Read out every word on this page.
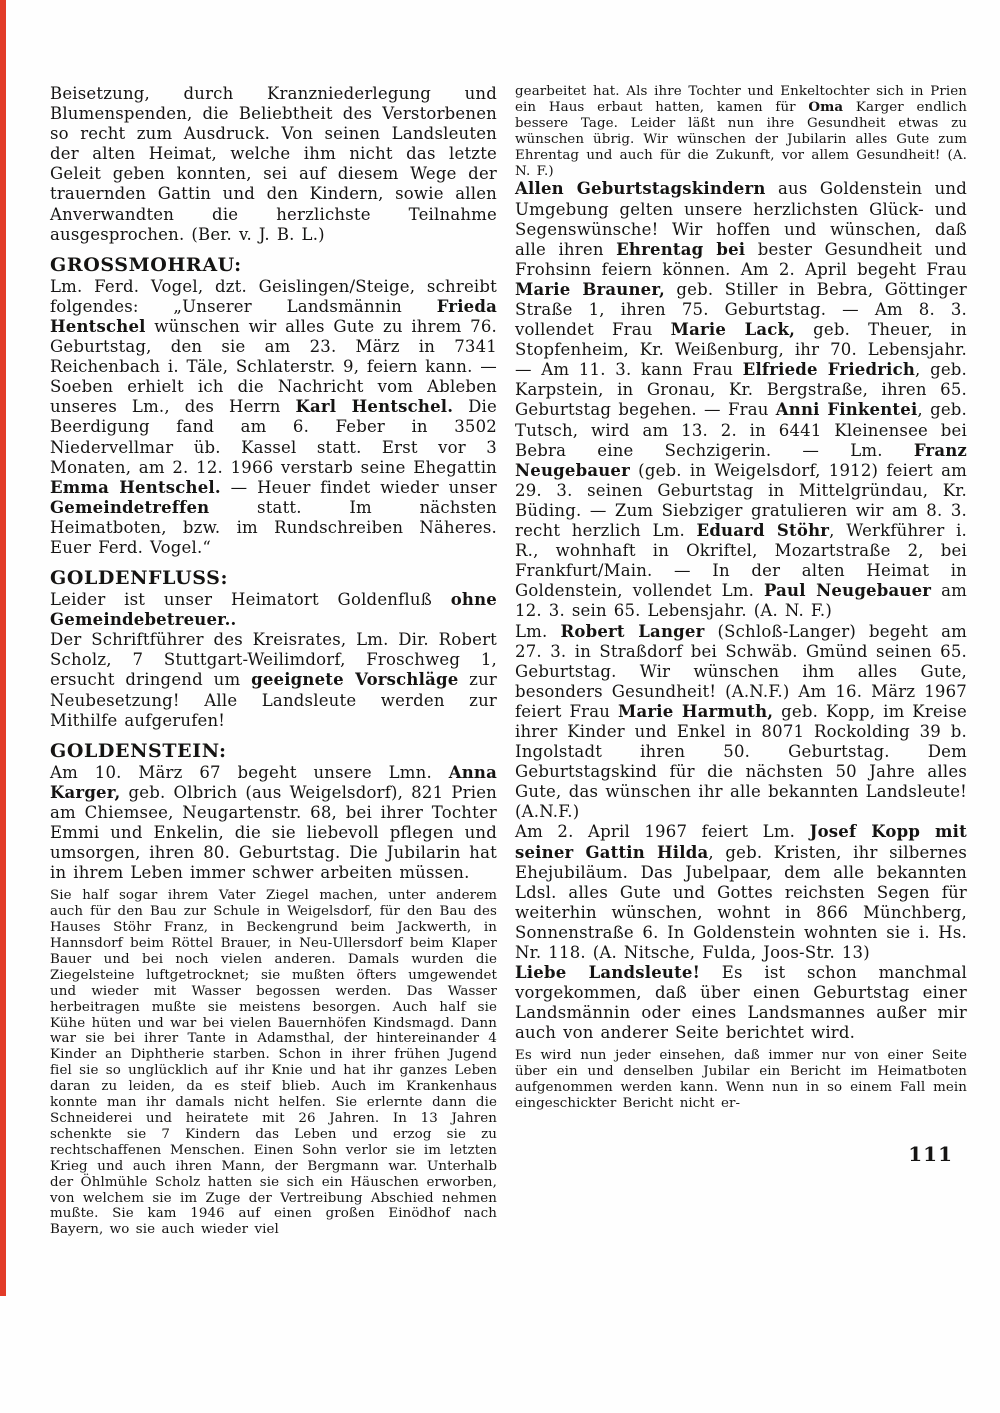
Beisetzung, durch Kranzniederlegung und Blumenspenden, die Beliebtheit des Verstorbenen so recht zum Ausdruck. Von seinen Landsleuten der alten Heimat, welche ihm nicht das letzte Geleit geben konnten, sei auf diesem Wege der trauernden Gattin und den Kindern, sowie allen Anverwandten die herzlichste Teilnahme ausgesprochen. (Ber. v. J. B. L.)

GROSSMOHRAU:

Lm. Ferd. Vogel, dzt. Geislingen/Steige, schreibt folgendes: „Unserer Landsmännin Frieda Hentschel wünschen wir alles Gute zu ihrem 76. Geburtstag, den sie am 23. März in 7341 Reichenbach i. Täle, Schlaterstr. 9, feiern kann. — Soeben erhielt ich die Nachricht vom Ableben unseres Lm., des Herrn Karl Hentschel. Die Beerdigung fand am 6. Feber in 3502 Niedervellmar üb. Kassel statt. Erst vor 3 Monaten, am 2. 12. 1966 verstarb seine Ehegattin Emma Hentschel. — Heuer findet wieder unser Gemeindetreffen statt. Im nächsten Heimatboten, bzw. im Rundschreiben Näheres. Euer Ferd. Vogel.“

GOLDENFLUSS:

Leider ist unser Heimatort Goldenfluß ohne Gemeindebetreuer..

Der Schriftführer des Kreisrates, Lm. Dir. Robert Scholz, 7 Stuttgart-Weilimdorf, Froschweg 1, ersucht dringend um geeignete Vorschläge zur Neubesetzung! Alle Landsleute werden zur Mithilfe aufgerufen!

GOLDENSTEIN:

Am 10. März 67 begeht unsere Lmn. Anna Karger, geb. Olbrich (aus Weigelsdorf), 821 Prien am Chiemsee, Neugartenstr. 68, bei ihrer Tochter Emmi und Enkelin, die sie liebevoll pflegen und umsorgen, ihren 80. Geburtstag. Die Jubilarin hat in ihrem Leben immer schwer arbeiten müssen.

Sie half sogar ihrem Vater Ziegel machen, unter anderem auch für den Bau zur Schule in Weigelsdorf, für den Bau des Hauses Stöhr Franz, in Beckengrund beim Jackwerth, in Hannsdorf beim Röttel Brauer, in Neu-Ullersdorf beim Klaper Bauer und bei noch vielen anderen. Damals wurden die Ziegelsteine luftgetrocknet; sie mußten öfters umgewendet und wieder mit Wasser begossen werden. Das Wasser herbeitragen mußte sie meistens besorgen. Auch half sie Kühe hüten und war bei vielen Bauernhöfen Kindsmagd. Dann war sie bei ihrer Tante in Adamsthal, der hintereinander 4 Kinder an Diphtherie starben. Schon in ihrer frühen Jugend fiel sie so unglücklich auf ihr Knie und hat ihr ganzes Leben daran zu leiden, da es steif blieb. Auch im Krankenhaus konnte man ihr damals nicht helfen. Sie erlernte dann die Schneiderei und heiratete mit 26 Jahren. In 13 Jahren schenkte sie 7 Kindern das Leben und erzog sie zu rechtschaffenen Menschen. Einen Sohn verlor sie im letzten Krieg und auch ihren Mann, der Bergmann war. Unterhalb der Öhlmühle Scholz hatten sie sich ein Häuschen erworben, von welchem sie im Zuge der Vertreibung Abschied nehmen mußte. Sie kam 1946 auf einen großen Einödhof nach Bayern, wo sie auch wieder viel

gearbeitet hat. Als ihre Tochter und Enkeltochter sich in Prien ein Haus erbaut hatten, kamen für Oma Karger endlich bessere Tage. Leider läßt nun ihre Gesundheit etwas zu wünschen übrig. Wir wünschen der Jubilarin alles Gute zum Ehrentag und auch für die Zukunft, vor allem Gesundheit! (A. N. F.)

Allen Geburtstagskindern aus Goldenstein und Umgebung gelten unsere herzlichsten Glück- und Segenswünsche! Wir hoffen und wünschen, daß alle ihren Ehrentag bei bester Gesundheit und Frohsinn feiern können. Am 2. April begeht Frau Marie Brauner, geb. Stiller in Bebra, Göttinger Straße 1, ihren 75. Geburtstag. — Am 8. 3. vollendet Frau Marie Lack, geb. Theuer, in Stopfenheim, Kr. Weißenburg, ihr 70. Lebensjahr. — Am 11. 3. kann Frau Elfriede Friedrich, geb. Karpstein, in Gronau, Kr. Bergstraße, ihren 65. Geburtstag begehen. — Frau Anni Finkentei, geb. Tutsch, wird am 13. 2. in 6441 Kleinensee bei Bebra eine Sechzigerin. — Lm. Franz Neugebauer (geb. in Weigelsdorf, 1912) feiert am 29. 3. seinen Geburtstag in Mittelgründau, Kr. Büding. — Zum Siebziger gratulieren wir am 8. 3. recht herzlich Lm. Eduard Stöhr, Werkführer i. R., wohnhaft in Okriftel, Mozartstraße 2, bei Frankfurt/Main. — In der alten Heimat in Goldenstein, vollendet Lm. Paul Neugebauer am 12. 3. sein 65. Lebensjahr. (A. N. F.)

Lm. Robert Langer (Schloß-Langer) begeht am 27. 3. in Straßdorf bei Schwäb. Gmünd seinen 65. Geburtstag. Wir wünschen ihm alles Gute, besonders Gesundheit! (A.N.F.) Am 16. März 1967 feiert Frau Marie Harmuth, geb. Kopp, im Kreise ihrer Kinder und Enkel in 8071 Rockolding 39 b. Ingolstadt ihren 50. Geburtstag. Dem Geburtstagskind für die nächsten 50 Jahre alles Gute, das wünschen ihr alle bekannten Landsleute! (A.N.F.)

Am 2. April 1967 feiert Lm. Josef Kopp mit seiner Gattin Hilda, geb. Kristen, ihr silbernes Ehejubiläum. Das Jubelpaar, dem alle bekannten Ldsl. alles Gute und Gottes reichsten Segen für weiterhin wünschen, wohnt in 866 Münchberg, Sonnenstraße 6. In Goldenstein wohnten sie i. Hs. Nr. 118. (A. Nitsche, Fulda, Joos-Str. 13)

Liebe Landsleute! Es ist schon manchmal vorgekommen, daß über einen Geburtstag einer Landsmännin oder eines Landsmannes außer mir auch von anderer Seite berichtet wird.

Es wird nun jeder einsehen, daß immer nur von einer Seite über ein und denselben Jubilar ein Bericht im Heimatboten aufgenommen werden kann. Wenn nun in so einem Fall mein eingeschickter Bericht nicht er-

111
